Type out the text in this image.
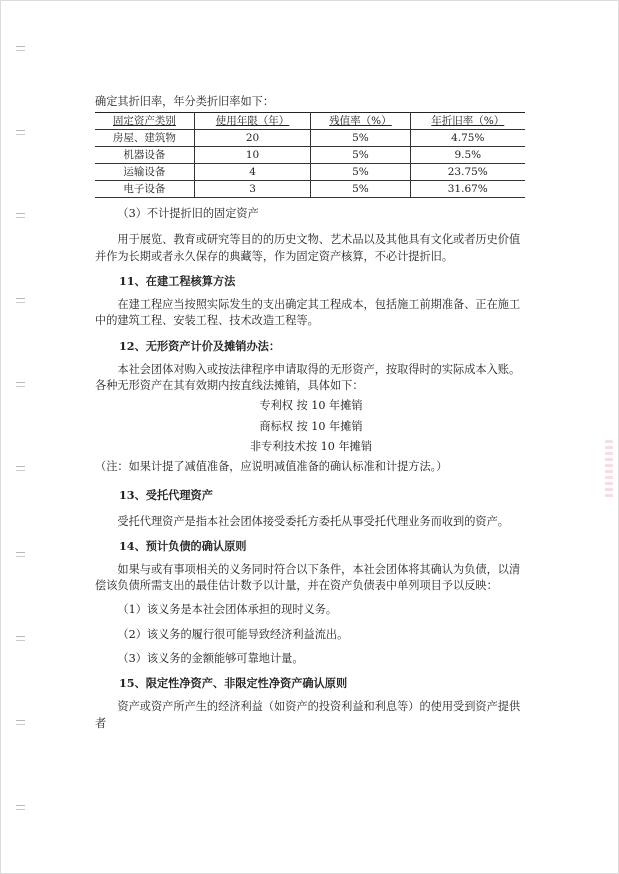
确定其折旧率，年分类折旧率如下：

固定资产类别	使用年限（年）	残值率（%）	年折旧率（%）
房屋、建筑物	20	5%	4.75%
机器设备	10	5%	9.5%
运输设备	4	5%	23.75%
电子设备	3	5%	31.67%

（3）不计提折旧的固定资产

用于展览、教育或研究等目的的历史文物、艺术品以及其他具有文化或者历史价值并作为长期或者永久保存的典藏等，作为固定资产核算，不必计提折旧。

11、在建工程核算方法

在建工程应当按照实际发生的支出确定其工程成本，包括施工前期准备、正在施工中的建筑工程、安装工程、技术改造工程等。

12、无形资产计价及摊销办法：

本社会团体对购入或按法律程序申请取得的无形资产，按取得时的实际成本入账。各种无形资产在其有效期内按直线法摊销，具体如下：

专利权 按 10 年摊销

商标权 按 10 年摊销

非专利技术按 10 年摊销

（注：如果计提了减值准备，应说明减值准备的确认标准和计提方法。）

13、受托代理资产

受托代理资产是指本社会团体接受委托方委托从事受托代理业务而收到的资产。

14、预计负债的确认原则

如果与或有事项相关的义务同时符合以下条件，本社会团体将其确认为负债，以清偿该负债所需支出的最佳估计数予以计量，并在资产负债表中单列项目予以反映：

（1）该义务是本社会团体承担的现时义务。

（2）该义务的履行很可能导致经济利益流出。

（3）该义务的金额能够可靠地计量。

15、限定性净资产、非限定性净资产确认原则

资产或资产所产生的经济利益（如资产的投资利益和利息等）的使用受到资产提供者
